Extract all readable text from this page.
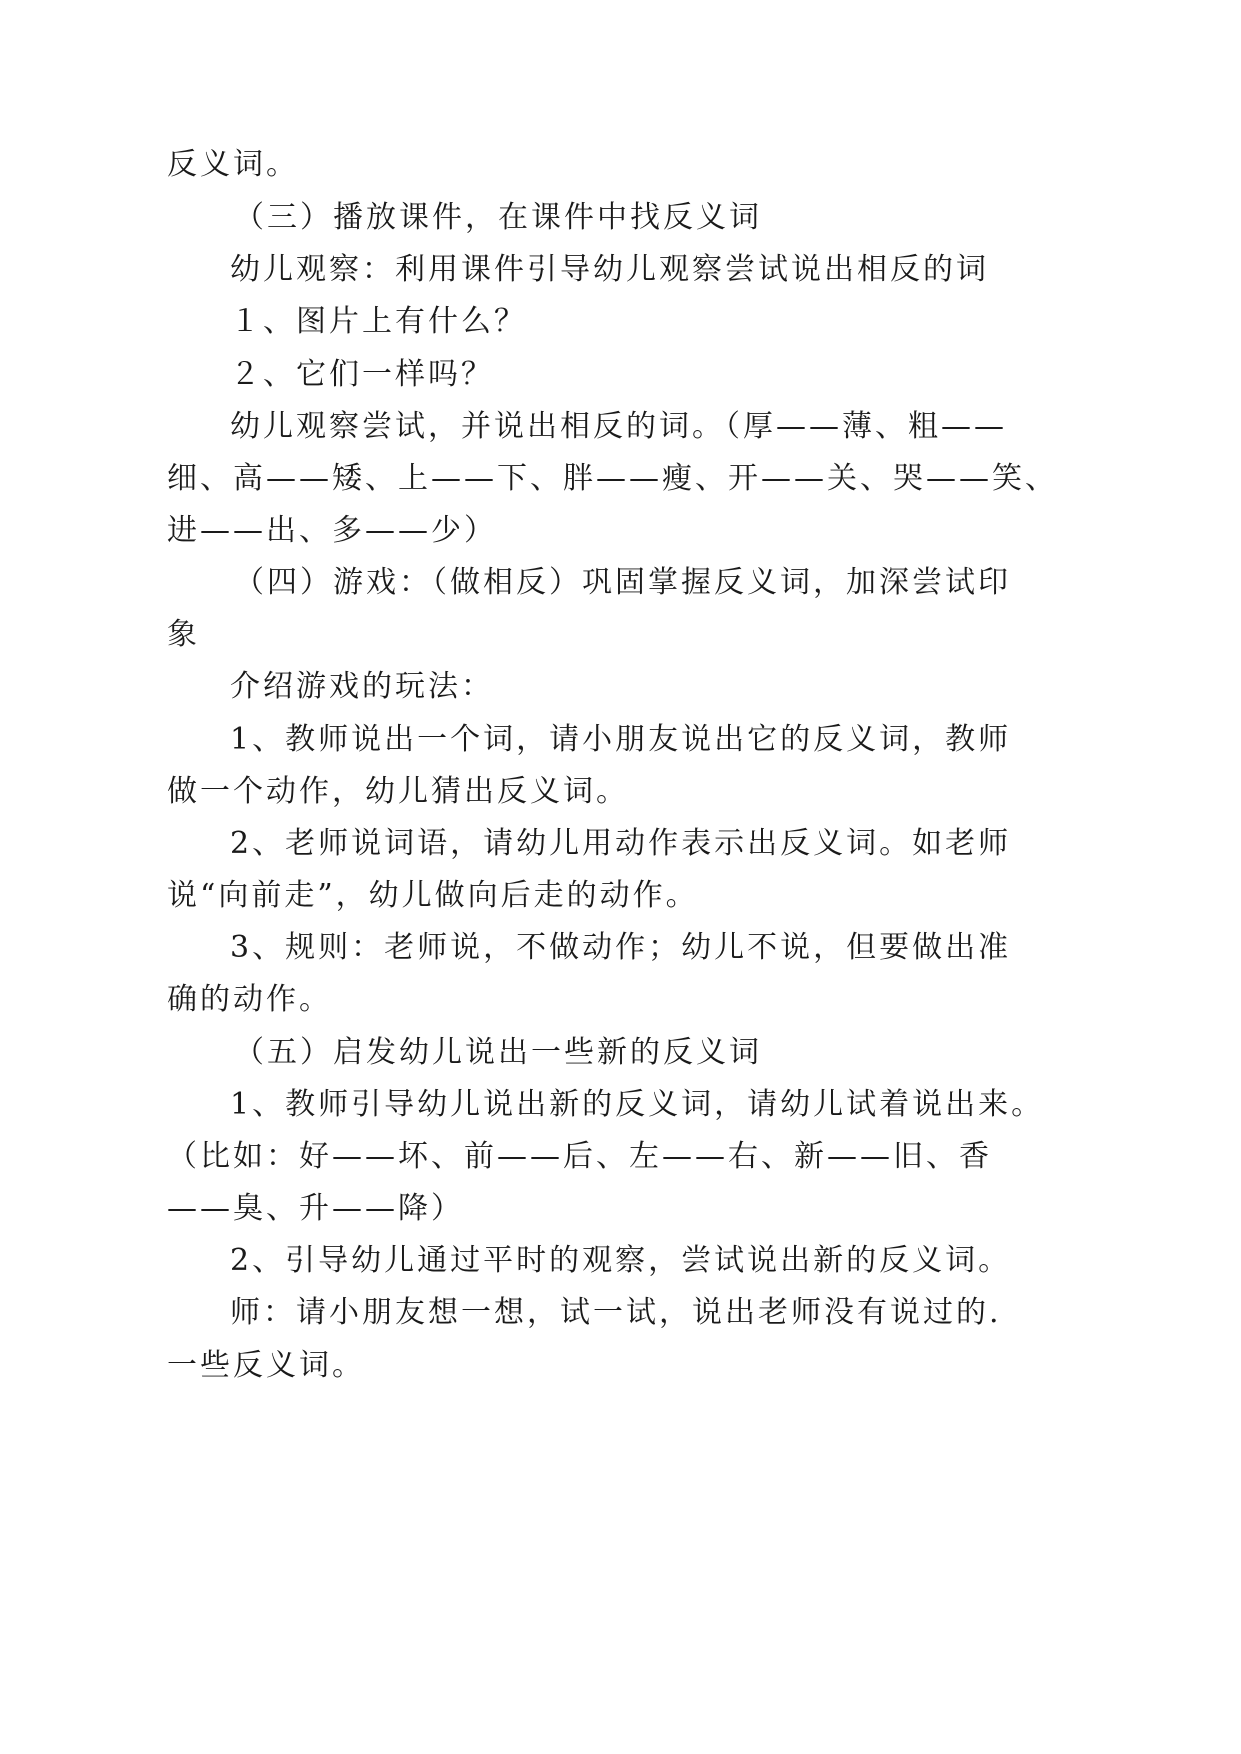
反义词。
（三）播放课件，在课件中找反义词
幼儿观察：利用课件引导幼儿观察尝试说出相反的词
１、图片上有什么？
２、它们一样吗？
幼儿观察尝试，并说出相反的词。（厚——薄、粗——
细、高——矮、上——下、胖——瘦、开——关、哭——笑、
进——出、多——少）
（四）游戏：（做相反）巩固掌握反义词，加深尝试印
象
介绍游戏的玩法：
1、教师说出一个词，请小朋友说出它的反义词，教师
做一个动作，幼儿猜出反义词。
2、老师说词语，请幼儿用动作表示出反义词。如老师
说“向前走”，幼儿做向后走的动作。
3、规则：老师说，不做动作；幼儿不说，但要做出准
确的动作。
（五）启发幼儿说出一些新的反义词
1、教师引导幼儿说出新的反义词，请幼儿试着说出来。
（比如：好——坏、前——后、左——右、新——旧、香
——臭、升——降）
2、引导幼儿通过平时的观察，尝试说出新的反义词。
师：请小朋友想一想，试一试，说出老师没有说过的.
一些反义词。
